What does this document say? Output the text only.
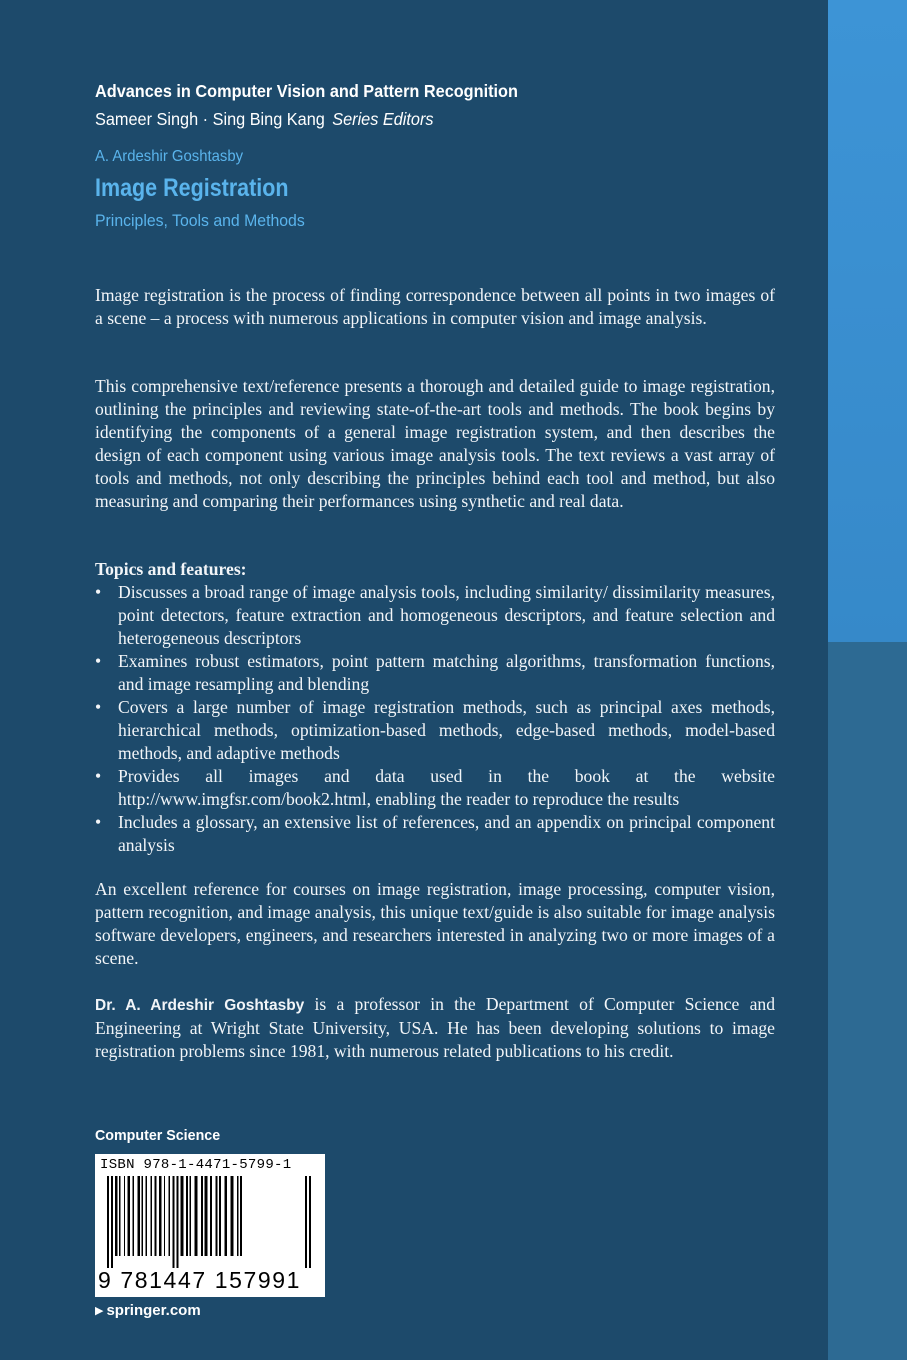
Advances in Computer Vision and Pattern Recognition
Sameer Singh · Sing Bing Kang Series Editors
A. Ardeshir Goshtasby
Image Registration
Principles, Tools and Methods

Image registration is the process of finding correspondence between all points in two images of a scene – a process with numerous applications in computer vision and image analysis.

This comprehensive text/reference presents a thorough and detailed guide to image registration, outlining the principles and reviewing state-of-the-art tools and methods. The book begins by identifying the components of a general image registration system, and then describes the design of each component using various image analysis tools. The text reviews a vast array of tools and methods, not only describing the principles behind each tool and method, but also measuring and comparing their performances using synthetic and real data.

Topics and features:
• Discusses a broad range of image analysis tools, including similarity/ dissimilarity measures, point detectors, feature extraction and homogeneous descriptors, and feature selection and heterogeneous descriptors
• Examines robust estimators, point pattern matching algorithms, transformation functions, and image resampling and blending
• Covers a large number of image registration methods, such as principal axes methods, hierarchical methods, optimization-based methods, edge-based methods, model-based methods, and adaptive methods
• Provides all images and data used in the book at the website http://www.imgfsr.com/book2.html, enabling the reader to reproduce the results
• Includes a glossary, an extensive list of references, and an appendix on principal component analysis

An excellent reference for courses on image registration, image processing, computer vision, pattern recognition, and image analysis, this unique text/guide is also suitable for image analysis software developers, engineers, and researchers interested in analyzing two or more images of a scene.

Dr. A. Ardeshir Goshtasby is a professor in the Department of Computer Science and Engineering at Wright State University, USA. He has been developing solutions to image registration problems since 1981, with numerous related publications to his credit.

Computer Science
ISBN 978-1-4471-5799-1
9 781447 157991
▶ springer.com
